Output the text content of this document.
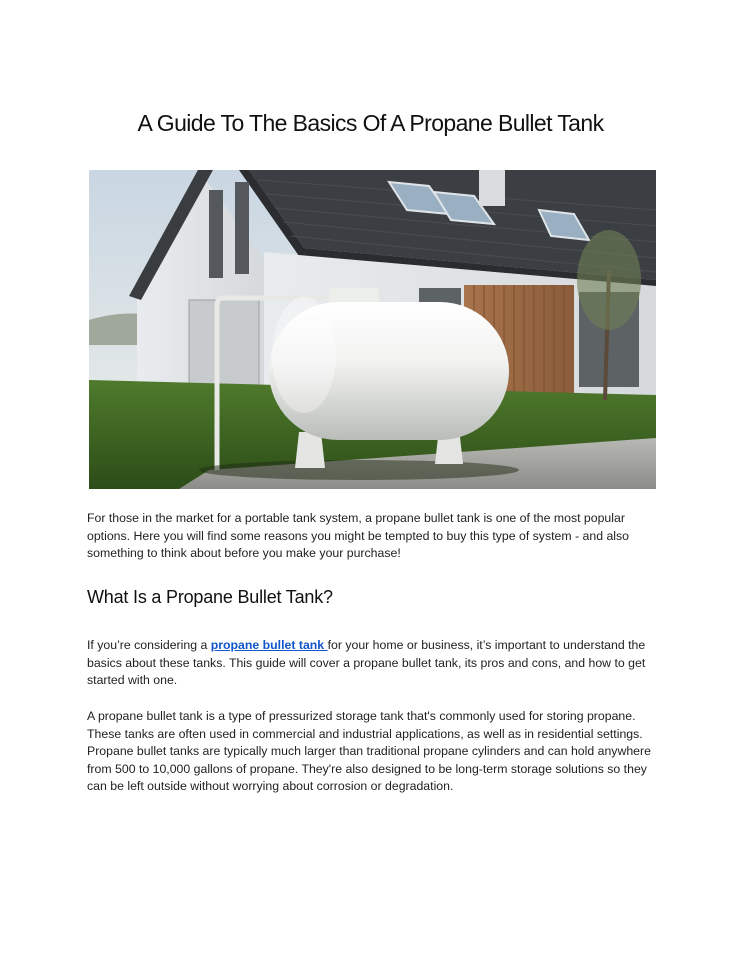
A Guide To The Basics Of A Propane Bullet Tank

For those in the market for a portable tank system, a propane bullet tank is one of the most popular options. Here you will find some reasons you might be tempted to buy this type of system - and also something to think about before you make your purchase!

What Is a Propane Bullet Tank?

If you’re considering a propane bullet tank for your home or business, it’s important to understand the basics about these tanks. This guide will cover a propane bullet tank, its pros and cons, and how to get started with one.

A propane bullet tank is a type of pressurized storage tank that's commonly used for storing propane. These tanks are often used in commercial and industrial applications, as well as in residential settings. Propane bullet tanks are typically much larger than traditional propane cylinders and can hold anywhere from 500 to 10,000 gallons of propane. They're also designed to be long-term storage solutions so they can be left outside without worrying about corrosion or degradation.
